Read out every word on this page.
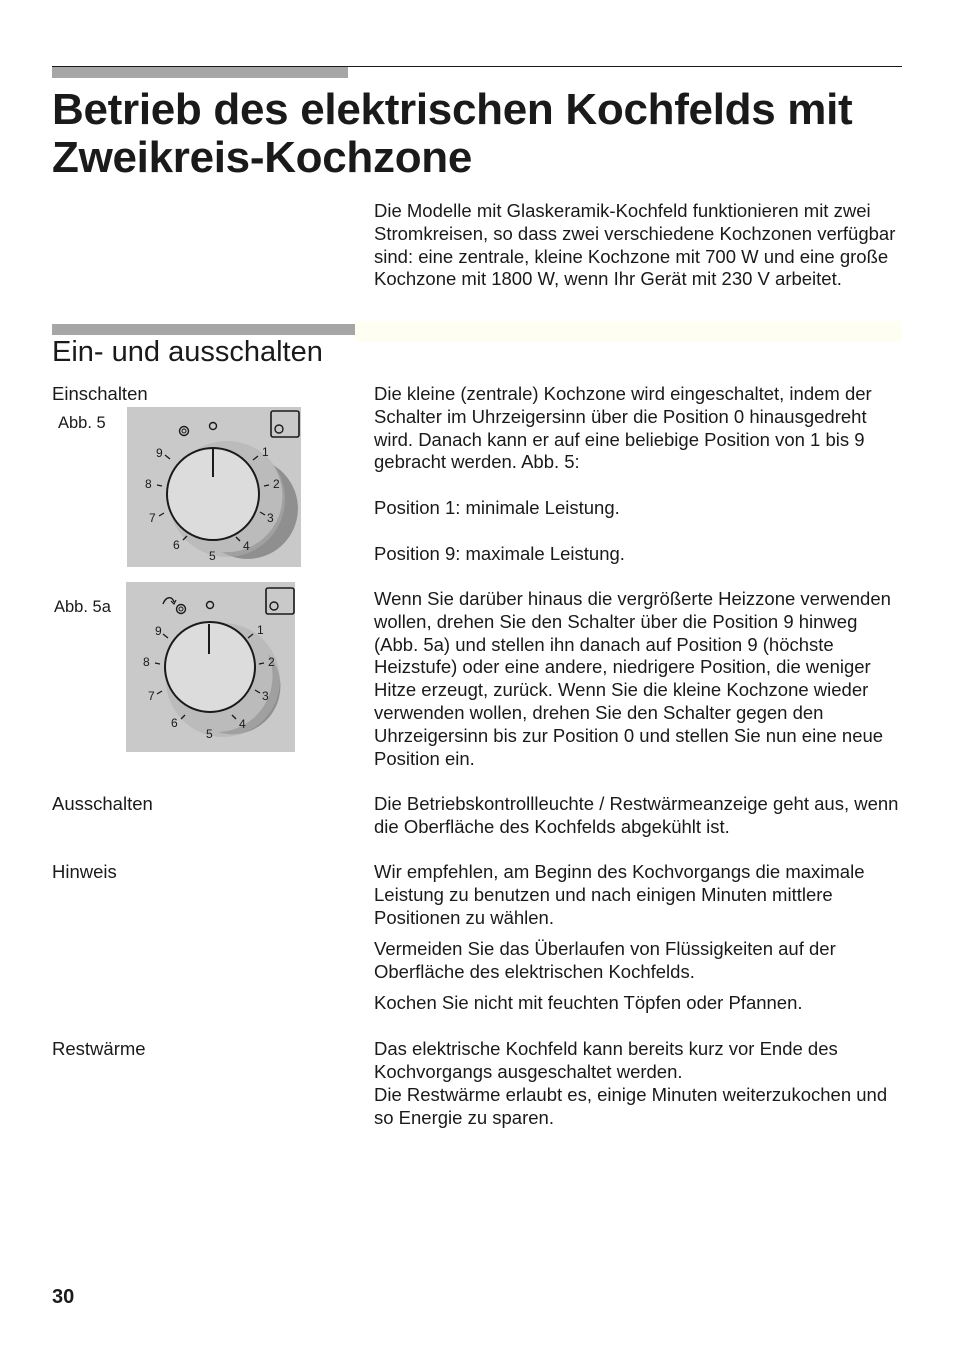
Betrieb des elektrischen Kochfelds mit
Zweikreis-Kochzone

Die Modelle mit Glaskeramik-Kochfeld funktionieren mit zwei Stromkreisen, so dass zwei verschiedene Kochzonen verfügbar sind: eine zentrale, kleine Kochzone mit 700 W und eine große Kochzone mit 1800 W, wenn Ihr Gerät mit 230 V arbeitet.

Ein- und ausschalten
Einschalten	Die kleine (zentrale) Kochzone wird eingeschaltet, indem der Schalter im Uhrzeigersinn über die Position 0 hinausgedreht wird. Danach kann er auf eine beliebige Position von 1 bis 9 gebracht werden. Abb. 5:

Position 1: minimale Leistung.

Position 9: maximale Leistung.

Wenn Sie darüber hinaus die vergrößerte Heizzone verwenden wollen, drehen Sie den Schalter über die Position 9 hinweg (Abb. 5a) und stellen ihn danach auf Position 9 (höchste Heizstufe) oder eine andere, niedrigere Position, die weniger Hitze erzeugt, zurück. Wenn Sie die kleine Kochzone wieder verwenden wollen, drehen Sie den Schalter gegen den Uhrzeigersinn bis zur Position 0 und stellen Sie nun eine neue Position ein.

Abb. 5
1
2
3
4
5
6
7
8
9
Abb. 5a
1
2
3
4
5
6
7
8
9
Ausschalten	Die Betriebskontrollleuchte / Restwärmeanzeige geht aus, wenn die Oberfläche des Kochfelds abgekühlt ist.

Hinweis	Wir empfehlen, am Beginn des Kochvorgangs die maximale Leistung zu benutzen und nach einigen Minuten mittlere Positionen zu wählen.

Vermeiden Sie das Überlaufen von Flüssigkeiten auf der Oberfläche des elektrischen Kochfelds.

Kochen Sie nicht mit feuchten Töpfen oder Pfannen.

Restwärme	Das elektrische Kochfeld kann bereits kurz vor Ende des Kochvorgangs ausgeschaltet werden.

Die Restwärme erlaubt es, einige Minuten weiterzukochen und so Energie zu sparen.

30
